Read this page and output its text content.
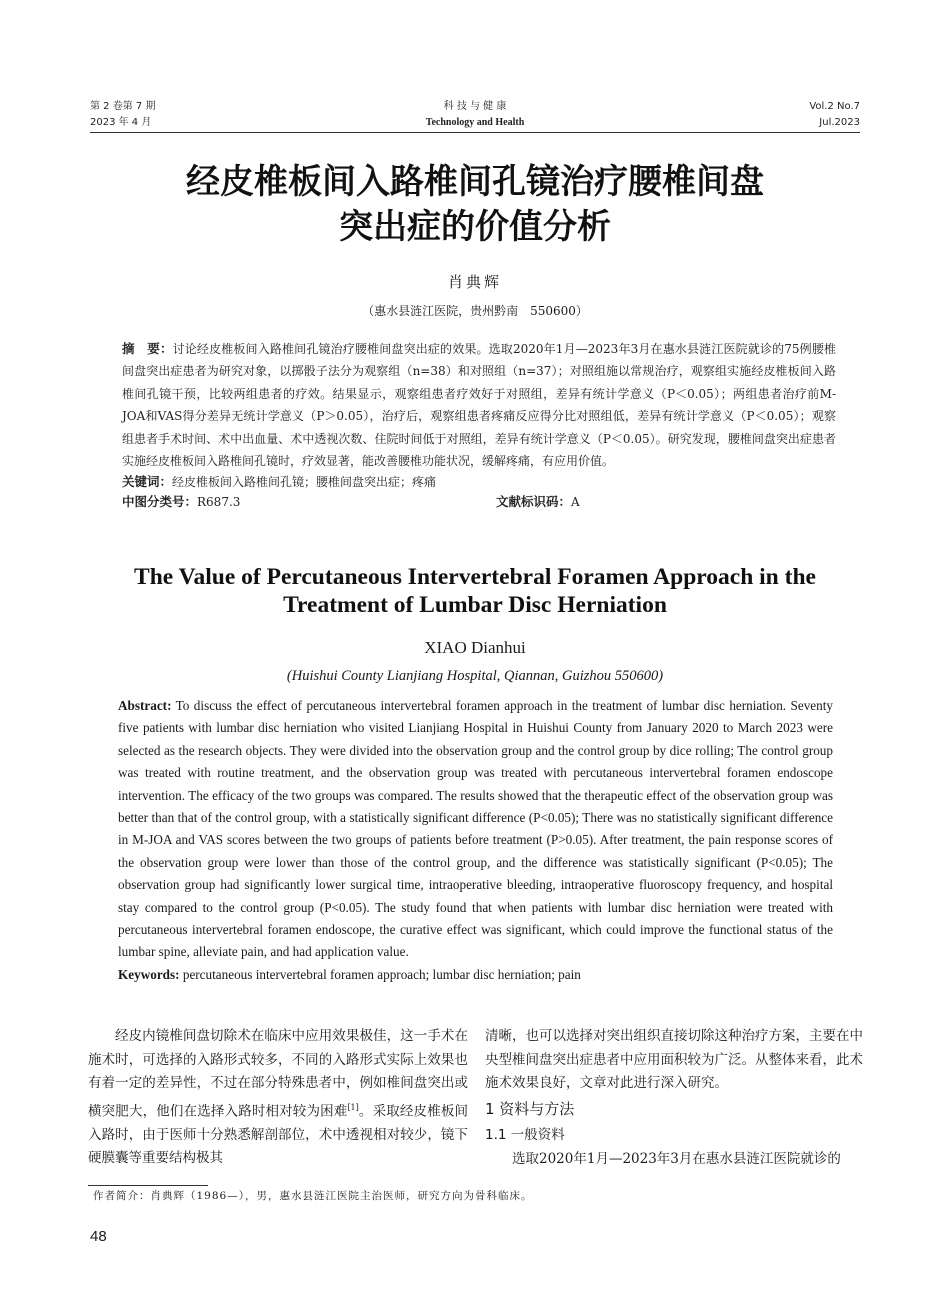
第 2 卷第 7 期
2023 年 4 月
科 技 与 健 康
Technology and Health
Vol.2 No.7
Jul.2023
经皮椎板间入路椎间孔镜治疗腰椎间盘
突出症的价值分析
肖典辉
（惠水县涟江医院，贵州黔南　550600）
摘　要：讨论经皮椎板间入路椎间孔镜治疗腰椎间盘突出症的效果。选取2020年1月—2023年3月在惠水县涟江医院就诊的75例腰椎间盘突出症患者为研究对象，以掷骰子法分为观察组（n=38）和对照组（n=37）；对照组施以常规治疗，观察组实施经皮椎板间入路椎间孔镜干预，比较两组患者的疗效。结果显示，观察组患者疗效好于对照组，差异有统计学意义（P＜0.05）；两组患者治疗前M-JOA和VAS得分差异无统计学意义（P＞0.05），治疗后，观察组患者疼痛反应得分比对照组低，差异有统计学意义（P＜0.05）；观察组患者手术时间、术中出血量、术中透视次数、住院时间低于对照组，差异有统计学意义（P＜0.05）。研究发现，腰椎间盘突出症患者实施经皮椎板间入路椎间孔镜时，疗效显著，能改善腰椎功能状况，缓解疼痛，有应用价值。
关键词：经皮椎板间入路椎间孔镜；腰椎间盘突出症；疼痛
中图分类号：R687.3	文献标识码：A
The Value of Percutaneous Intervertebral Foramen Approach in the
Treatment of Lumbar Disc Herniation
XIAO Dianhui
(Huishui County Lianjiang Hospital, Qiannan, Guizhou 550600)
Abstract: To discuss the effect of percutaneous intervertebral foramen approach in the treatment of lumbar disc herniation. Seventy five patients with lumbar disc herniation who visited Lianjiang Hospital in Huishui County from January 2020 to March 2023 were selected as the research objects. They were divided into the observation group and the control group by dice rolling; The control group was treated with routine treatment, and the observation group was treated with percutaneous intervertebral foramen endoscope intervention. The efficacy of the two groups was compared. The results showed that the therapeutic effect of the observation group was better than that of the control group, with a statistically significant difference (P<0.05); There was no statistically significant difference in M-JOA and VAS scores between the two groups of patients before treatment (P>0.05). After treatment, the pain response scores of the observation group were lower than those of the control group, and the difference was statistically significant (P<0.05); The observation group had significantly lower surgical time, intraoperative bleeding, intraoperative fluoroscopy frequency, and hospital stay compared to the control group (P<0.05). The study found that when patients with lumbar disc herniation were treated with percutaneous intervertebral foramen endoscope, the curative effect was significant, which could improve the functional status of the lumbar spine, alleviate pain, and had application value.
Keywords: percutaneous intervertebral foramen approach; lumbar disc herniation; pain

经皮内镜椎间盘切除术在临床中应用效果极佳，这一手术在施术时，可选择的入路形式较多，不同的入路形式实际上效果也有着一定的差异性，不过在部分特殊患者中，例如椎间盘突出或横突肥大，他们在选择入路时相对较为困难[1]。采取经皮椎板间入路时，由于医师十分熟悉解剖部位，术中透视相对较少，镜下硬膜囊等重要结构极其

清晰，也可以选择对突出组织直接切除这种治疗方案，主要在中央型椎间盘突出症患者中应用面积较为广泛。从整体来看，此术施术效果良好，文章对此进行深入研究。

1 资料与方法
1.1 一般资料

选取2020年1月—2023年3月在惠水县涟江医院就诊的

作者简介：肖典辉（1986—），男，惠水县涟江医院主治医师，研究方向为骨科临床。
48
